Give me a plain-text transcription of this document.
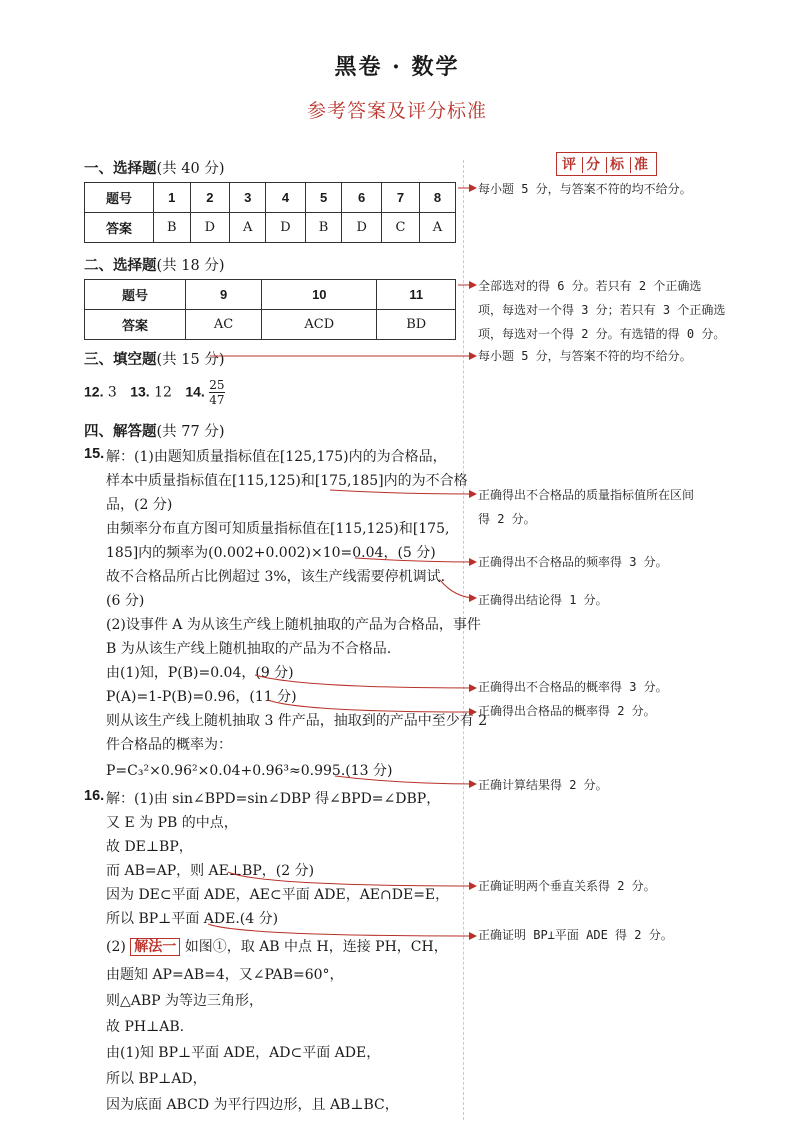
黑卷 · 数学
参考答案及评分标准
评 分 标 准
一、选择题(共 40 分)
题号	1	2	3	4	5	6	7	8
答案	B	D	A	D	B	D	C	A
每小题 5 分，与答案不符的均不给分。
二、选择题(共 18 分)
题号	9	10	11
答案	AC	ACD	BD
全部选对的得 6 分。若只有 2 个正确选
项，每选对一个得 3 分；若只有 3 个正确选
项，每选对一个得 2 分。有选错的得 0 分。
三、填空题(共 15 分)	每小题 5 分，与答案不符的均不给分。
12. 3 13. 12 14. $\frac{25}{47}$
四、解答题(共 77 分)
15. 解：(1)由题知质量指标值在[125,175)内的为合格品，
样本中质量指标值在[115,125)和[175,185]内的为不合格
品，(2 分)
由频率分布直方图可知质量指标值在[115,125)和[175,
185]内的频率为(0.002+0.002)×10=0.04，(5 分)
故不合格品所占比例超过 3%，该生产线需要停机调试.
(6 分)
(2)设事件 A 为从该生产线上随机抽取的产品为合格品，事件
B 为从该生产线上随机抽取的产品为不合格品.
由(1)知，P(B)=0.04，(9 分)
P(A)=1-P(B)=0.96，(11 分)
则从该生产线上随机抽取 3 件产品，抽取到的产品中至少有 2
件合格品的概率为：
P=C₃²×0.96²×0.04+0.96³≈0.995.(13 分)
正确得出不合格品的质量指标值所在区间
得 2 分。
正确得出不合格品的频率得 3 分。
正确得出结论得 1 分。
正确得出不合格品的概率得 3 分。
正确得出合格品的概率得 2 分。
正确计算结果得 2 分。
16. 解：(1)由 sin∠BPD=sin∠DBP 得∠BPD=∠DBP，
又 E 为 PB 的中点，
故 DE⊥BP，
而 AB=AP，则 AE⊥BP，(2 分)
因为 DE⊂平面 ADE，AE⊂平面 ADE，AE∩DE=E，
所以 BP⊥平面 ADE.(4 分)
(2) 解法一 如图①，取 AB 中点 H，连接 PH，CH，
由题知 AP=AB=4，又∠PAB=60°，
则△ABP 为等边三角形，
故 PH⊥AB.
由(1)知 BP⊥平面 ADE，AD⊂平面 ADE，
所以 BP⊥AD，
因为底面 ABCD 为平行四边形，且 AB⊥BC，
正确证明两个垂直关系得 2 分。
正确证明 BP⊥平面 ADE 得 2 分。
